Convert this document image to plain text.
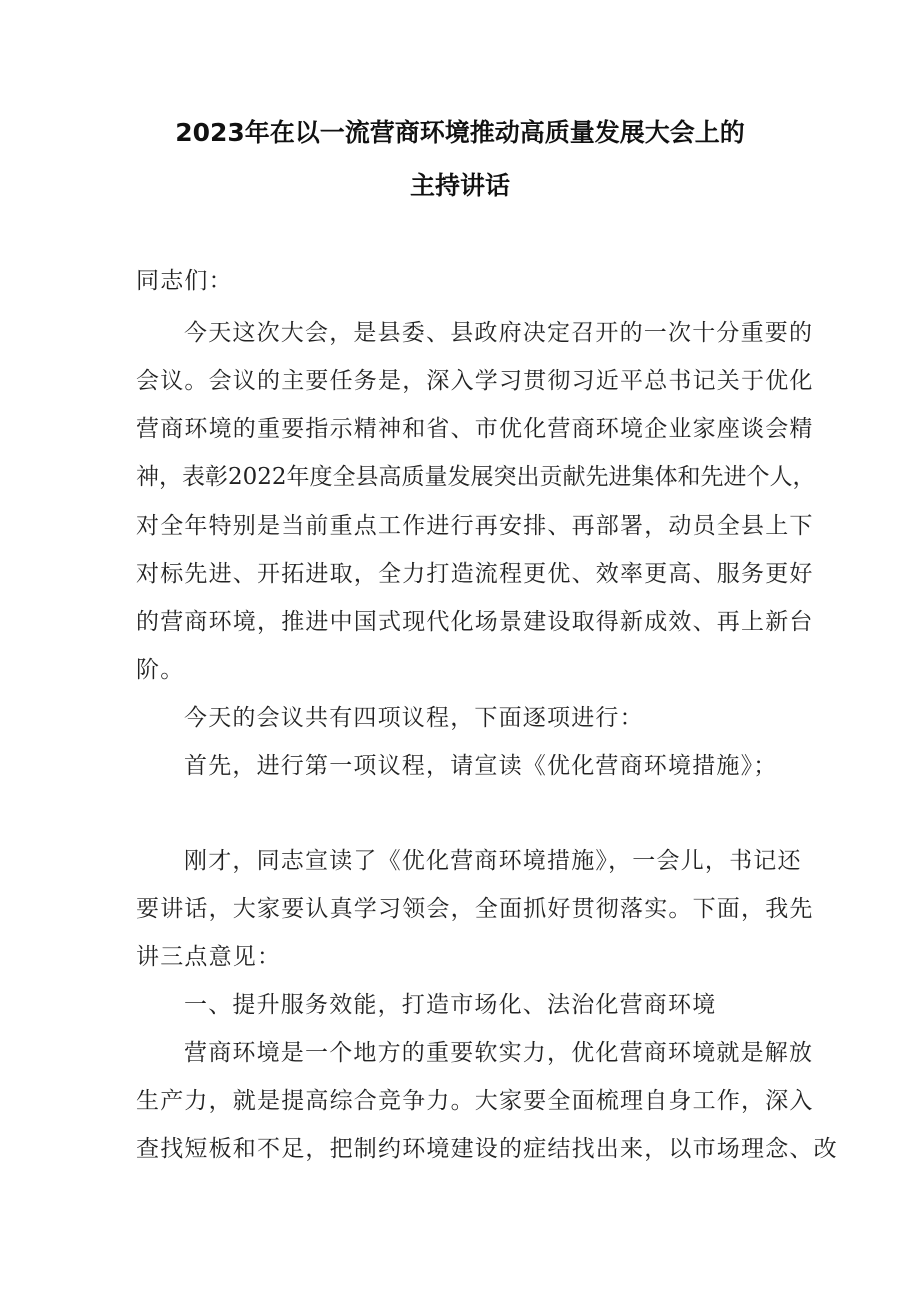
2023年在以一流营商环境推动高质量发展大会上的
主持讲话
同志们：
今天这次大会，是县委、县政府决定召开的一次十分重要的
会议。会议的主要任务是，深入学习贯彻习近平总书记关于优化
营商环境的重要指示精神和省、市优化营商环境企业家座谈会精
神，表彰2022年度全县高质量发展突出贡献先进集体和先进个人，
对全年特别是当前重点工作进行再安排、再部署，动员全县上下
对标先进、开拓进取，全力打造流程更优、效率更高、服务更好
的营商环境，推进中国式现代化场景建设取得新成效、再上新台
阶。
今天的会议共有四项议程，下面逐项进行：
首先，进行第一项议程，请宣读《优化营商环境措施》；
刚才，同志宣读了《优化营商环境措施》，一会儿，书记还
要讲话，大家要认真学习领会，全面抓好贯彻落实。下面，我先
讲三点意见：
一、提升服务效能，打造市场化、法治化营商环境
营商环境是一个地方的重要软实力，优化营商环境就是解放
生产力，就是提高综合竞争力。大家要全面梳理自身工作，深入
查找短板和不足，把制约环境建设的症结找出来，以市场理念、改
